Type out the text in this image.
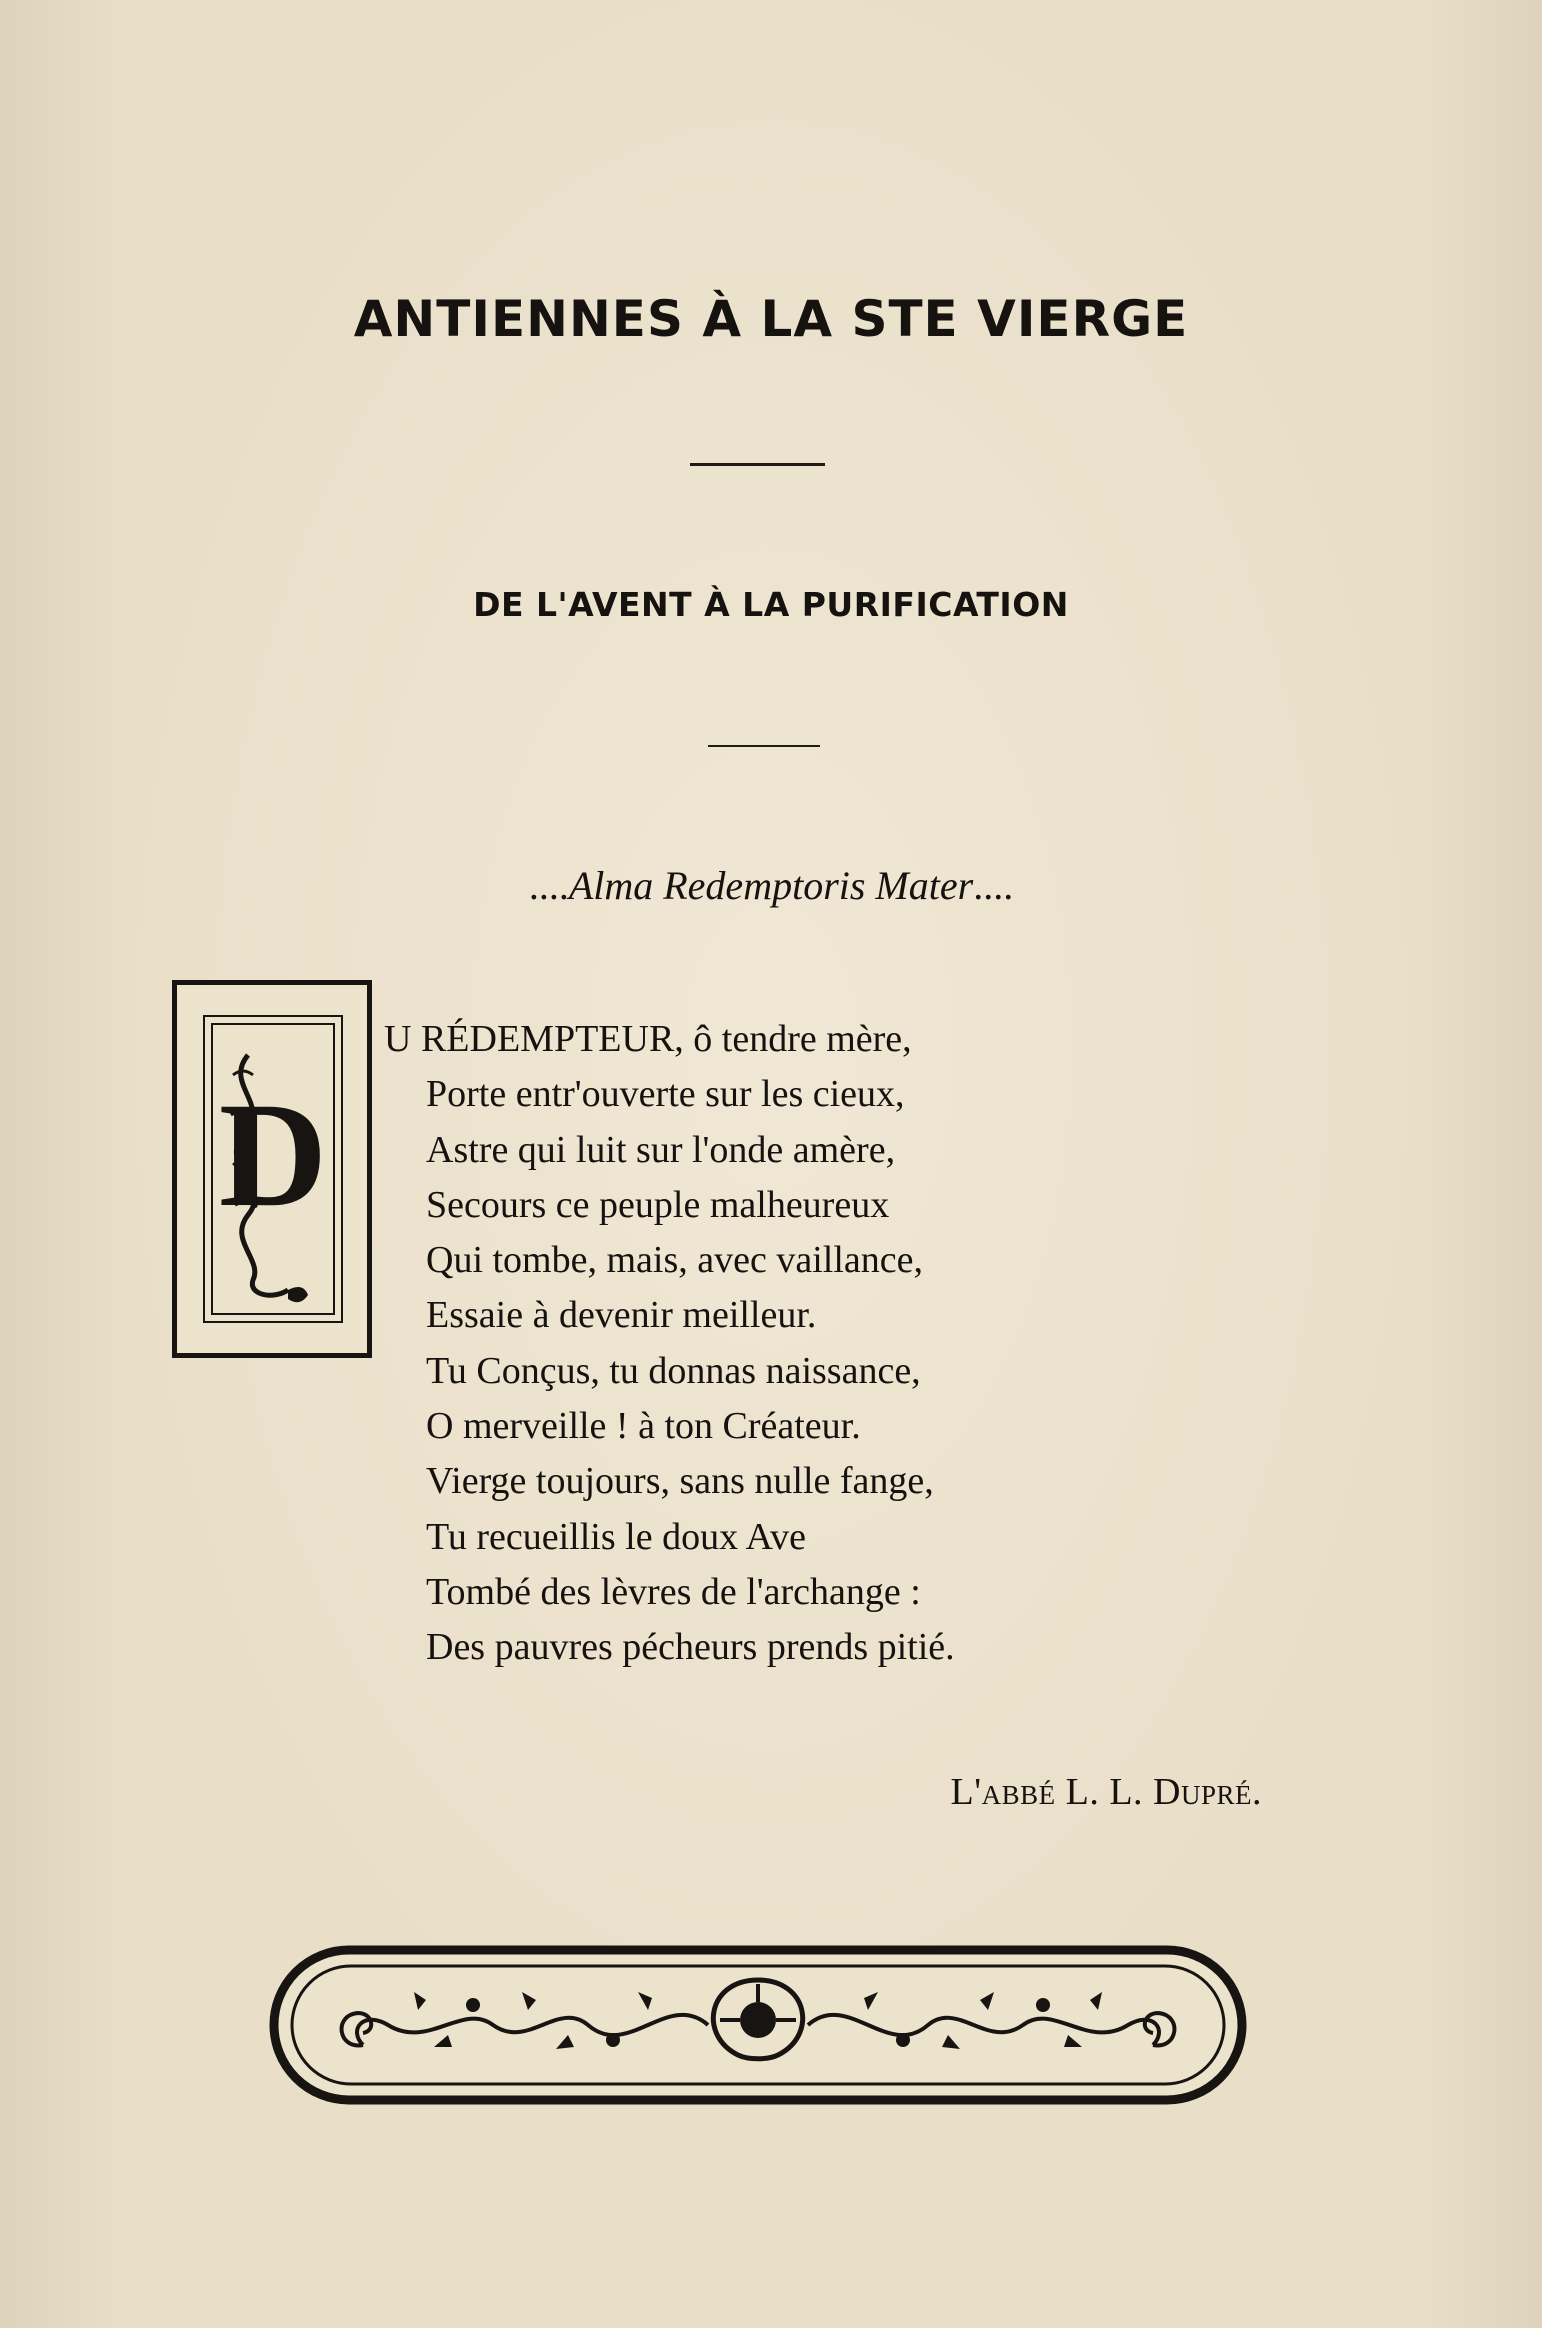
ANTIENNES À LA STE VIERGE
DE L'AVENT À LA PURIFICATION
....Alma Redemptoris Mater....
D
U RÉDEMPTEUR, ô tendre mère,
Porte entr'ouverte sur les cieux,
Astre qui luit sur l'onde amère,
Secours ce peuple malheureux
Qui tombe, mais, avec vaillance,
Essaie à devenir meilleur.
Tu Conçus, tu donnas naissance,
O merveille ! à ton Créateur.
Vierge toujours, sans nulle fange,
Tu recueillis le doux Ave
Tombé des lèvres de l'archange :
Des pauvres pécheurs prends pitié.
L'abbé L. L. Dupré.
